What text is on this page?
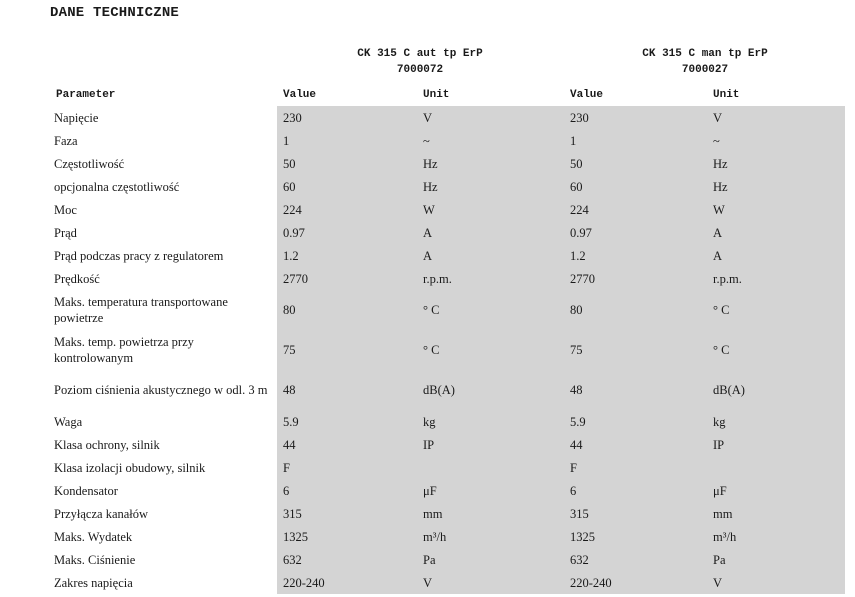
DANE TECHNICZNE
CK 315 C aut tp ErP
7000072
CK 315 C man tp ErP
7000027
Parameter	Value	Unit	Value	Unit
Napięcie	230	V	230	V
Faza	1	~	1	~
Częstotliwość	50	Hz	50	Hz
opcjonalna częstotliwość	60	Hz	60	Hz
Moc	224	W	224	W
Prąd	0.97	A	0.97	A
Prąd podczas pracy z regulatorem	1.2	A	1.2	A
Prędkość	2770	r.p.m.	2770	r.p.m.
Maks. temperatura transportowane powietrze	80	° C	80	° C
Maks. temp. powietrza przy kontrolowanym	75	° C	75	° C
Poziom ciśnienia akustycznego w odl. 3 m	48	dB(A)	48	dB(A)
Waga	5.9	kg	5.9	kg
Klasa ochrony, silnik	44	IP	44	IP
Klasa izolacji obudowy, silnik	F		F	
Kondensator	6	μF	6	μF
Przyłącza kanałów	315	mm	315	mm
Maks. Wydatek	1325	m³/h	1325	m³/h
Maks. Ciśnienie	632	Pa	632	Pa
Zakres napięcia	220-240	V	220-240	V
